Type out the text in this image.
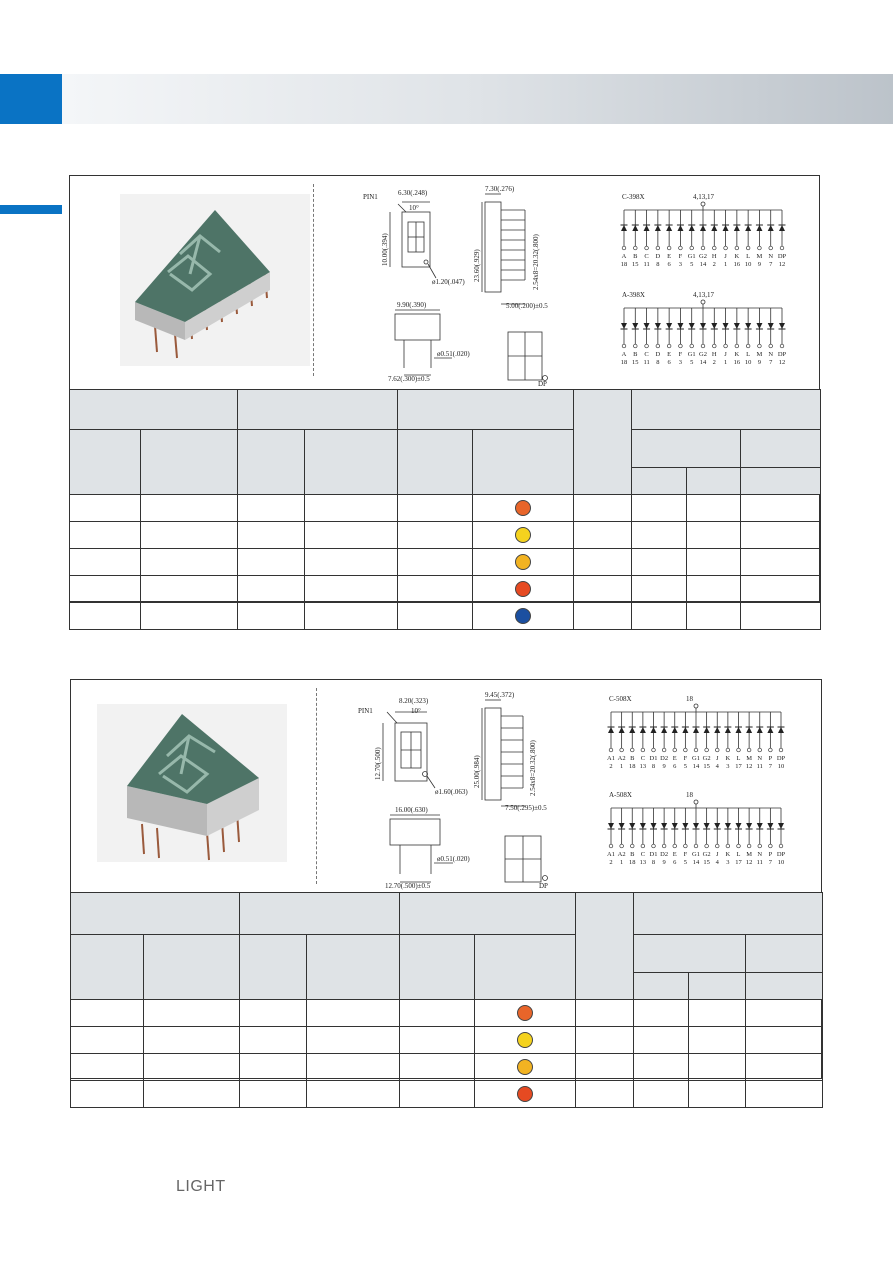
PIN1	6.30(.248)
10°
10.00(.394)
ø1.20(.047)
7.30(.276)
23.60(.929)	2.54x8=20.32(.800)
5.00(.200)±0.5
9.90(.390)
ø0.51(.020)
7.62(.300)±0.5
DP
C-398X	4,13,17
A
18
B
15
C
11
D
8
E
6
F
3
G1
5
G2
14
H
2
J
1
K
16
L
10
M
9
N
7
DP
12
A-398X	4,13,17
A
18
B
15
C
11
D
8
E
6
F
3
G1
5
G2
14
H
2
J
1
K
16
L
10
M
9
N
7
DP
12

PIN1
8.20(.323)
10°
12.70(.500)
ø1.60(.063)
9.45(.372)
25.00(.984)	2.54x8=20.32(.800)
7.50(.295)±0.5
16.00(.630)
ø0.51(.020)
12.70(.500)±0.5	DP
C-508X	18
A1
2
A2
1
B
18
C
13
D1
8
D2
9
E
6
F
5
G1
14
G2
15
J
4
K
3
L
17
M
12
N
11
P
7
DP
10
A-508X	18
A1
2
A2
1
B
18
C
13
D1
8
D2
9
E
6
F
5
G1
14
G2
15
J
4
K
3
L
17
M
12
N
11
P
7
DP
10

LIGHT
